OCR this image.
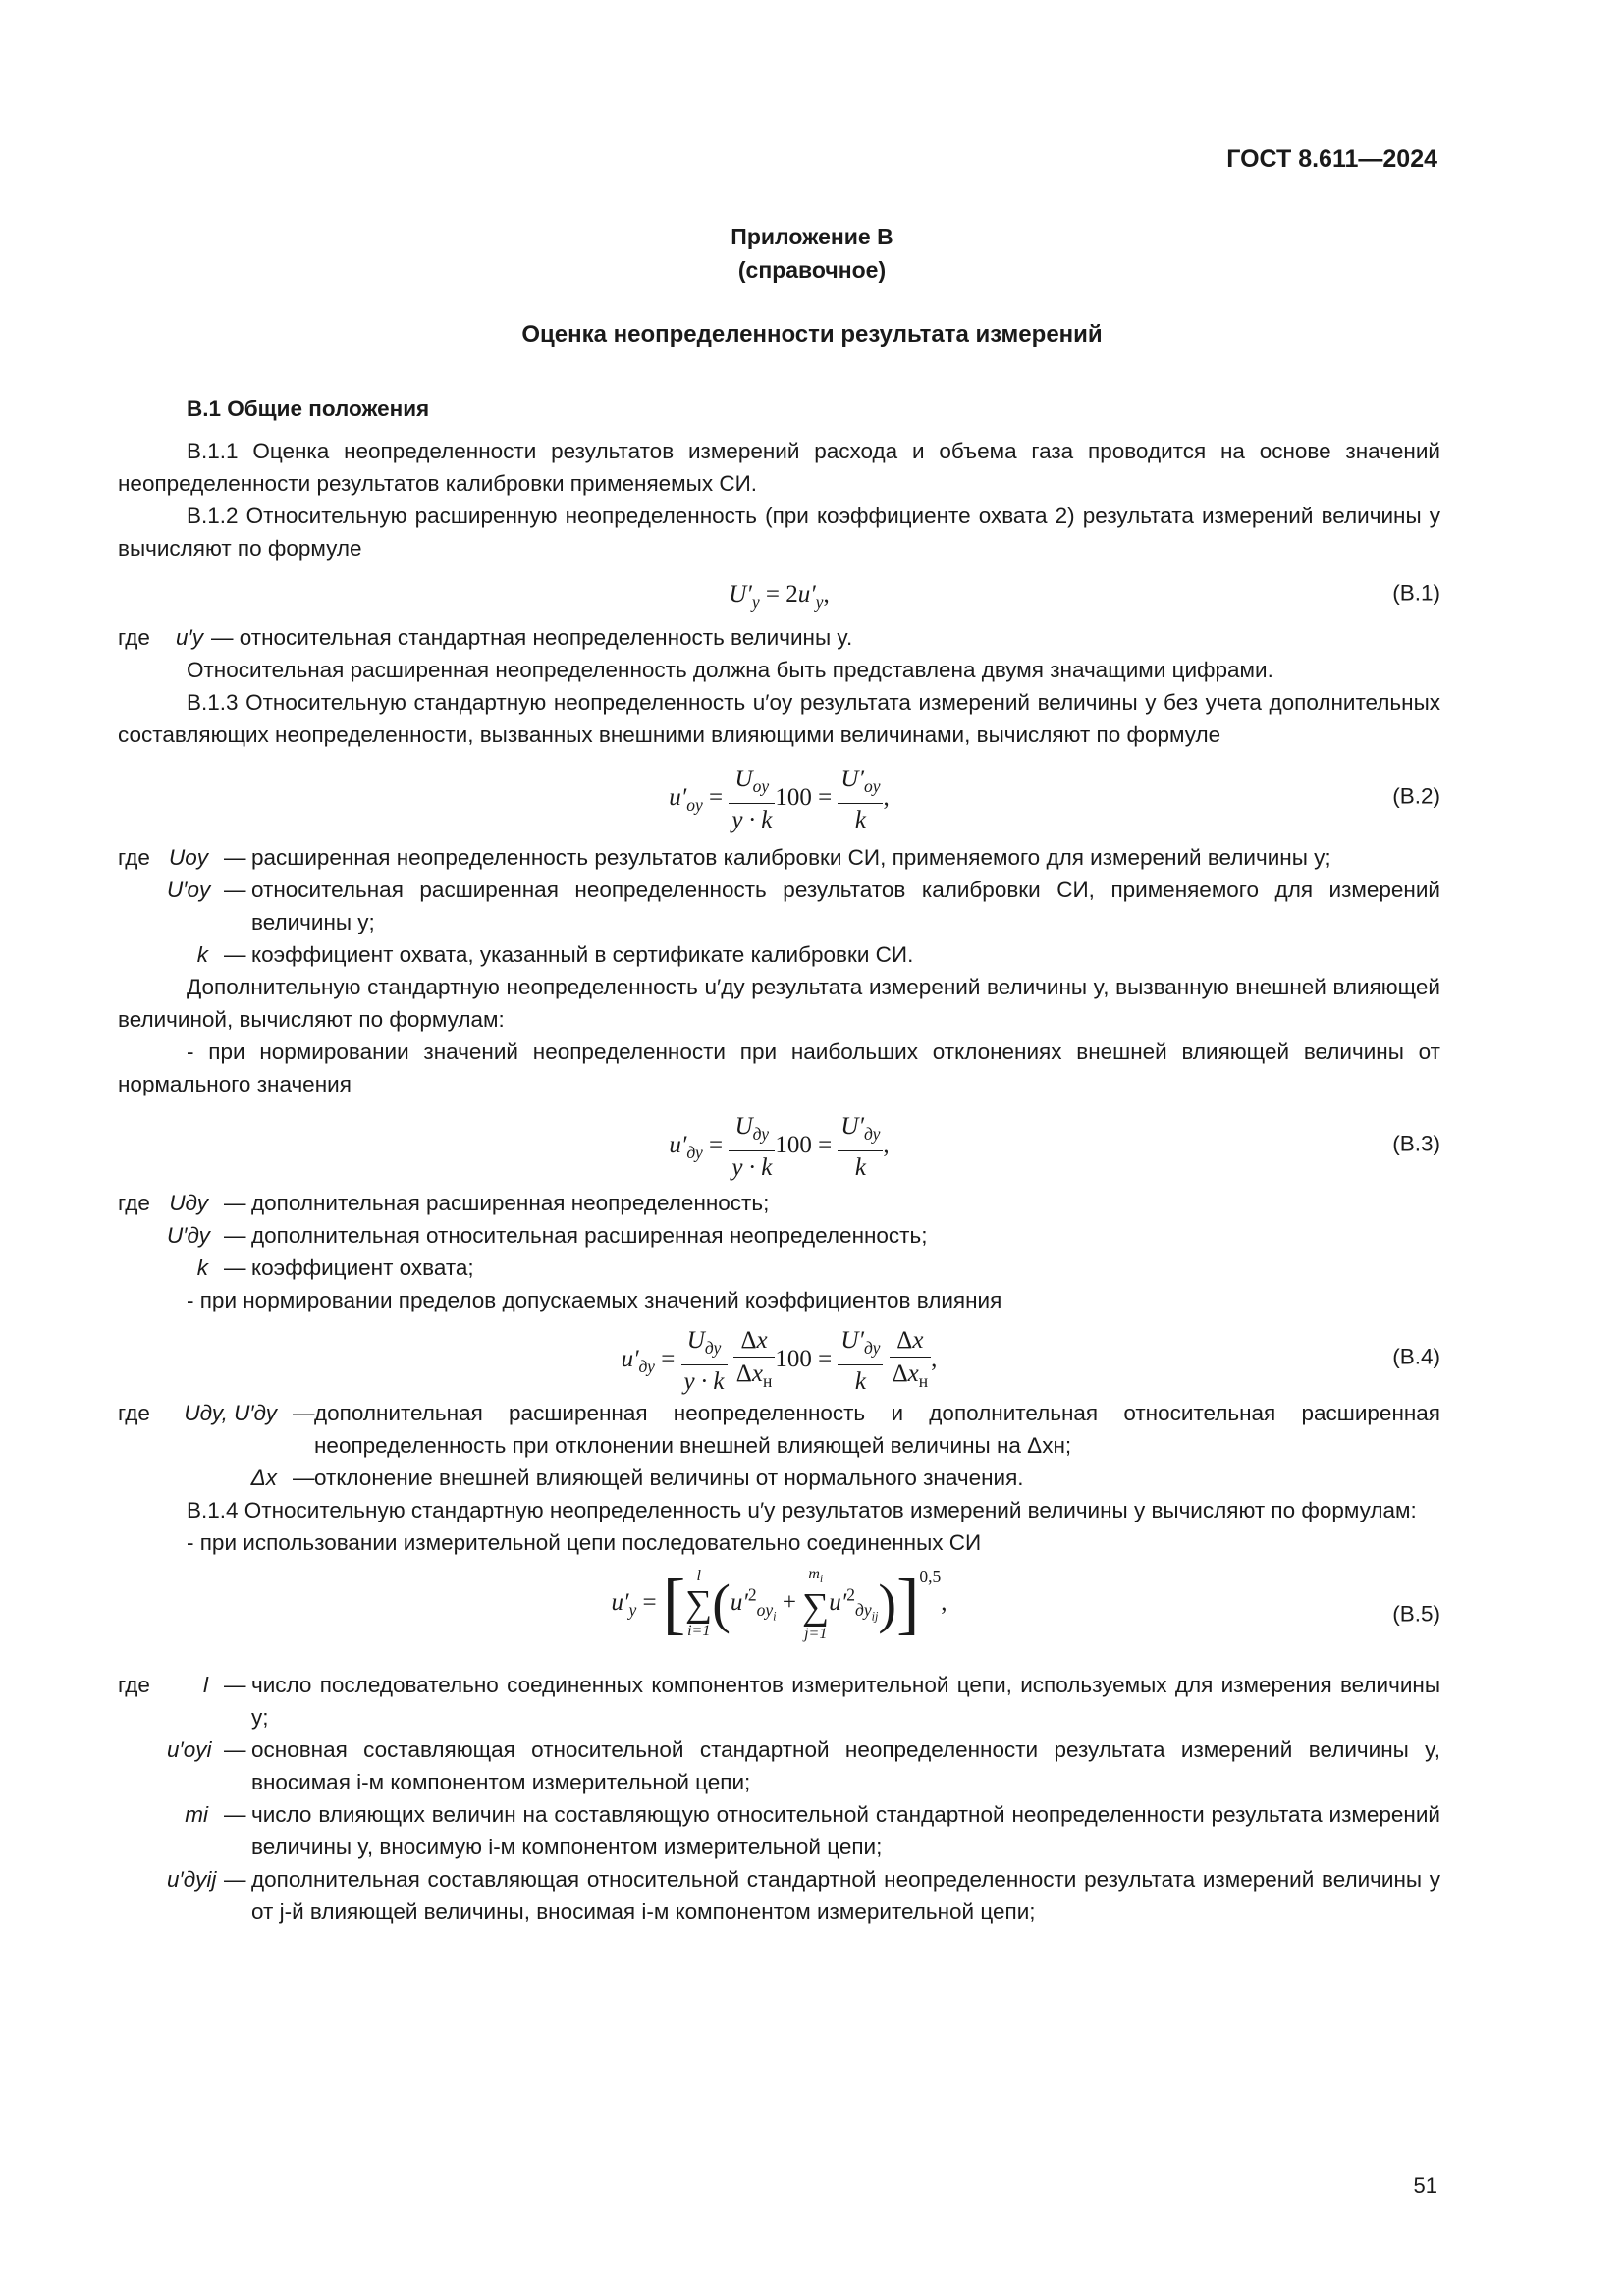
ГОСТ 8.611—2024
Приложение В
(справочное)
Оценка неопределенности результата измерений

В.1 Общие положения

В.1.1 Оценка неопределенности результатов измерений расхода и объема газа проводится на основе значений неопределенности результатов калибровки применяемых СИ.

В.1.2 Относительную расширенную неопределенность (при коэффициенте охвата 2) результата измерений величины y вычисляют по формуле

$U'_y = 2u'_y$,	(В.1)
где	u′y — относительная стандартная неопределенность величины y.

Относительная расширенная неопределенность должна быть представлена двумя значащими цифрами.

В.1.3 Относительную стандартную неопределенность u′oy результата измерений величины y без учета дополнительных составляющих неопределенности, вызванных внешними влияющими величинами, вычисляют по формуле

$u'_{oy} = \frac{U_{oy}}{y \cdot k} 100 = \frac{U'_{oy}}{k}$ ,	(В.2)
где Uoy — расширенная неопределенность результатов калибровки СИ, применяемого для измерений величины y;
U′oy — относительная расширенная неопределенность результатов калибровки СИ, применяемого для измерений величины y;
k — коэффициент охвата, указанный в сертификате калибровки СИ.

Дополнительную стандартную неопределенность u′ду результата измерений величины y, вызванную внешней влияющей величиной, вычисляют по формулам:

- при нормировании значений неопределенности при наибольших отклонениях внешней влияющей величины от нормального значения

$u'_{ду} = \frac{U_{ду}}{y \cdot k} 100 = \frac{U'_{ду}}{k}$ ,	(В.3)
где Uду — дополнительная расширенная неопределенность;
U′ду — дополнительная относительная расширенная неопределенность;
k — коэффициент охвата;

- при нормировании пределов допускаемых значений коэффициентов влияния

$u'_{ду} = \frac{U_{ду}}{y \cdot k}$
$\frac{\Delta x}{\Delta x_н} 100 = \frac{U'_{ду}}{k}$
$\frac{\Delta x}{\Delta x_н}$ ,	(В.4)
где	Uду, U′ду — дополнительная расширенная неопределенность и дополнительная относительная расширенная неопределенность при отклонении внешней влияющей величины на Δxн;
Δx — отклонение внешней влияющей величины от нормального значения.

В.1.4 Относительную стандартную неопределенность u′y результатов измерений величины y вычисляют по формулам:

- при использовании измерительной цепи последовательно соединенных СИ

$u'_y$ = [ l
∑
$i=1(u'^2_{oy_i} + m_i$
∑
$j=1u'^2_{дy_{ij}})]^{0,5}$,	(В.5)
где	l — число последовательно соединенных компонентов измерительной цепи, используемых для измерения величины y;
u′oyi — основная составляющая относительной стандартной неопределенности результата измерений величины y, вносимая i-м компонентом измерительной цепи;
mi — число влияющих величин на составляющую относительной стандартной неопределенности результата измерений величины y, вносимую i-м компонентом измерительной цепи;
u′дyij — дополнительная составляющая относительной стандартной неопределенности результата измерений величины y от j-й влияющей величины, вносимая i-м компонентом измерительной цепи;
51
